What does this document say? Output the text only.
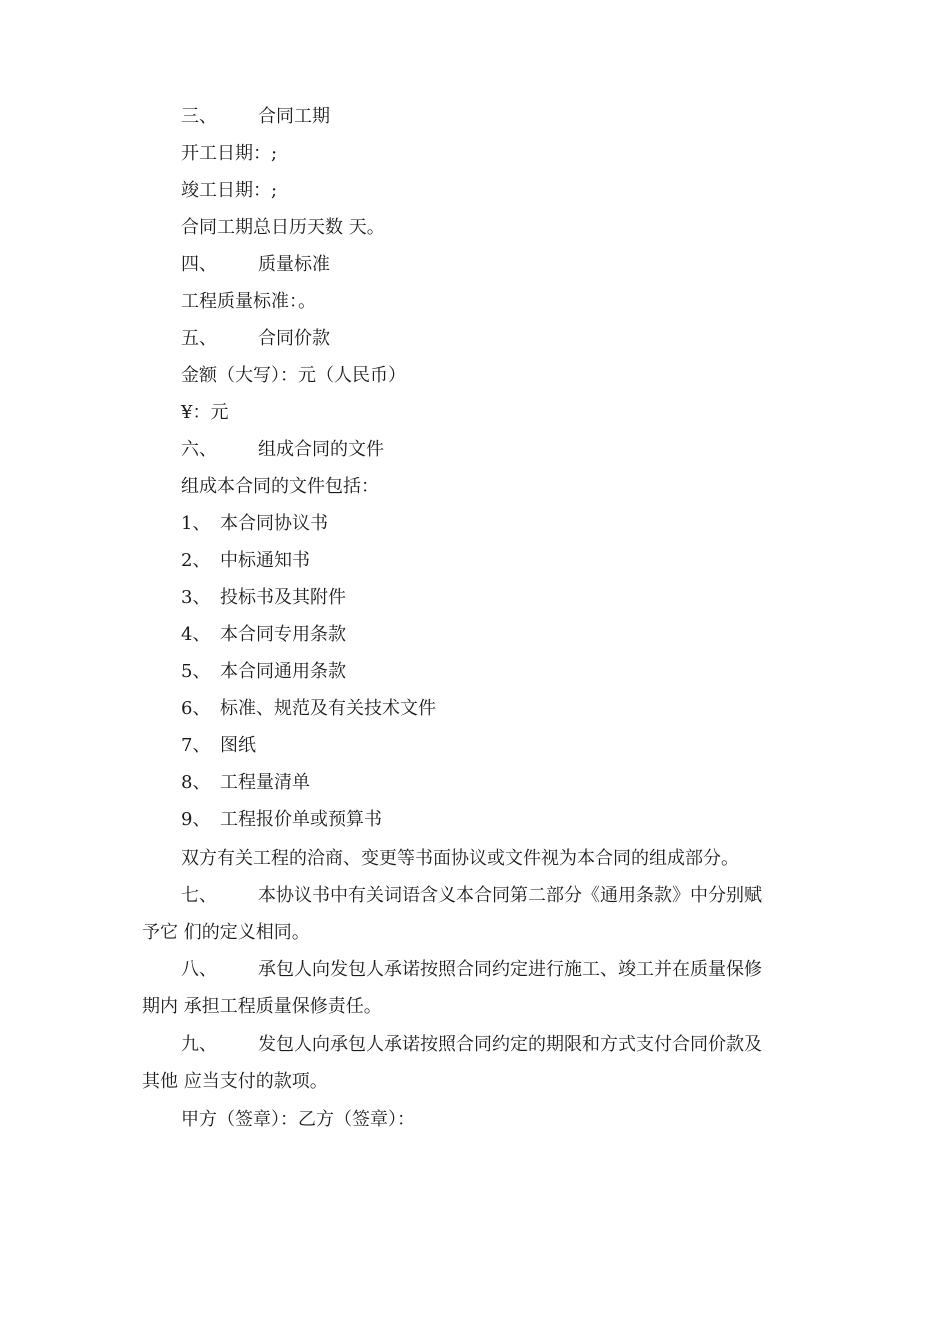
三、 合同工期
开工日期：;
竣工日期：;
合同工期总日历天数 天。
四、 质量标准
工程质量标准：。
五、 合同价款
金额（大写）：元（人民币）
¥：元
六、 组成合同的文件
组成本合同的文件包括：
1、 本合同协议书
2、 中标通知书
3、 投标书及其附件
4、 本合同专用条款
5、 本合同通用条款
6、 标准、规范及有关技术文件
7、 图纸
8、 工程量清单
9、 工程报价单或预算书
双方有关工程的洽商、变更等书面协议或文件视为本合同的组成部分。
七、 本协议书中有关词语含义本合同第二部分《通用条款》中分别赋
予它 们的定义相同。
八、 承包人向发包人承诺按照合同约定进行施工、竣工并在质量保修
期内 承担工程质量保修责任。
九、 发包人向承包人承诺按照合同约定的期限和方式支付合同价款及
其他 应当支付的款项。
甲方（签章）：乙方（签章）：
